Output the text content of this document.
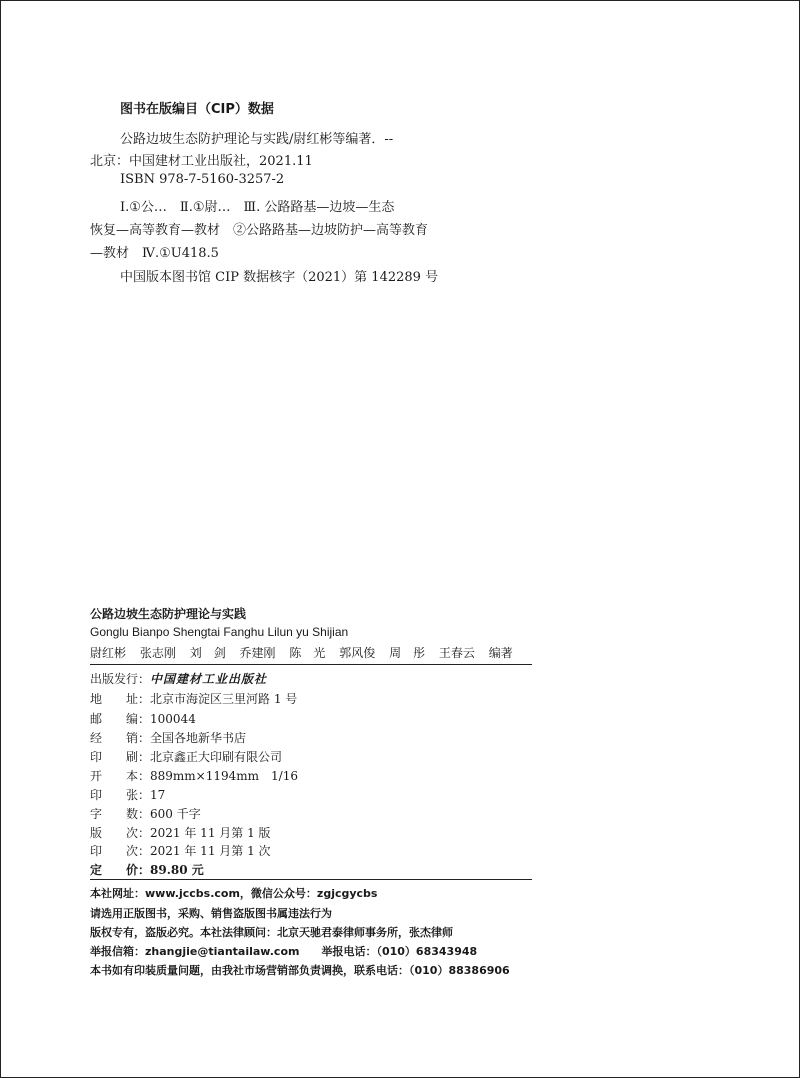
图书在版编目（CIP）数据
公路边坡生态防护理论与实践/尉红彬等编著．--
北京：中国建材工业出版社，2021.11
ISBN 978-7-5160-3257-2
Ⅰ.①公…　Ⅱ.①尉…　Ⅲ. 公路路基—边坡—生态
恢复—高等教育—教材　②公路路基—边坡防护—高等教育
—教材　Ⅳ.①U418.5
中国版本图书馆 CIP 数据核字（2021）第 142289 号
公路边坡生态防护理论与实践
Gonglu Bianpo Shengtai Fanghu Lilun yu Shijian
尉红彬 张志刚 刘　剑 乔建刚 陈　光 郭风俊 周　彤 王春云 编著
出版发行：中国建材工业出版社
地　　址：北京市海淀区三里河路 1 号
邮　　编：100044
经　　销：全国各地新华书店
印　　刷：北京鑫正大印刷有限公司
开　　本：889mm×1194mm　1/16
印　　张：17
字　　数：600 千字
版　　次：2021 年 11 月第 1 版
印　　次：2021 年 11 月第 1 次
定　　价：89.80 元
本社网址：www.jccbs.com，微信公众号：zgjcgycbs
请选用正版图书，采购、销售盗版图书属违法行为
版权专有，盗版必究。本社法律顾问：北京天驰君泰律师事务所，张杰律师
举报信箱：zhangjie@tiantailaw.com　　举报电话：（010）68343948
本书如有印装质量问题，由我社市场营销部负责调换，联系电话：（010）88386906
